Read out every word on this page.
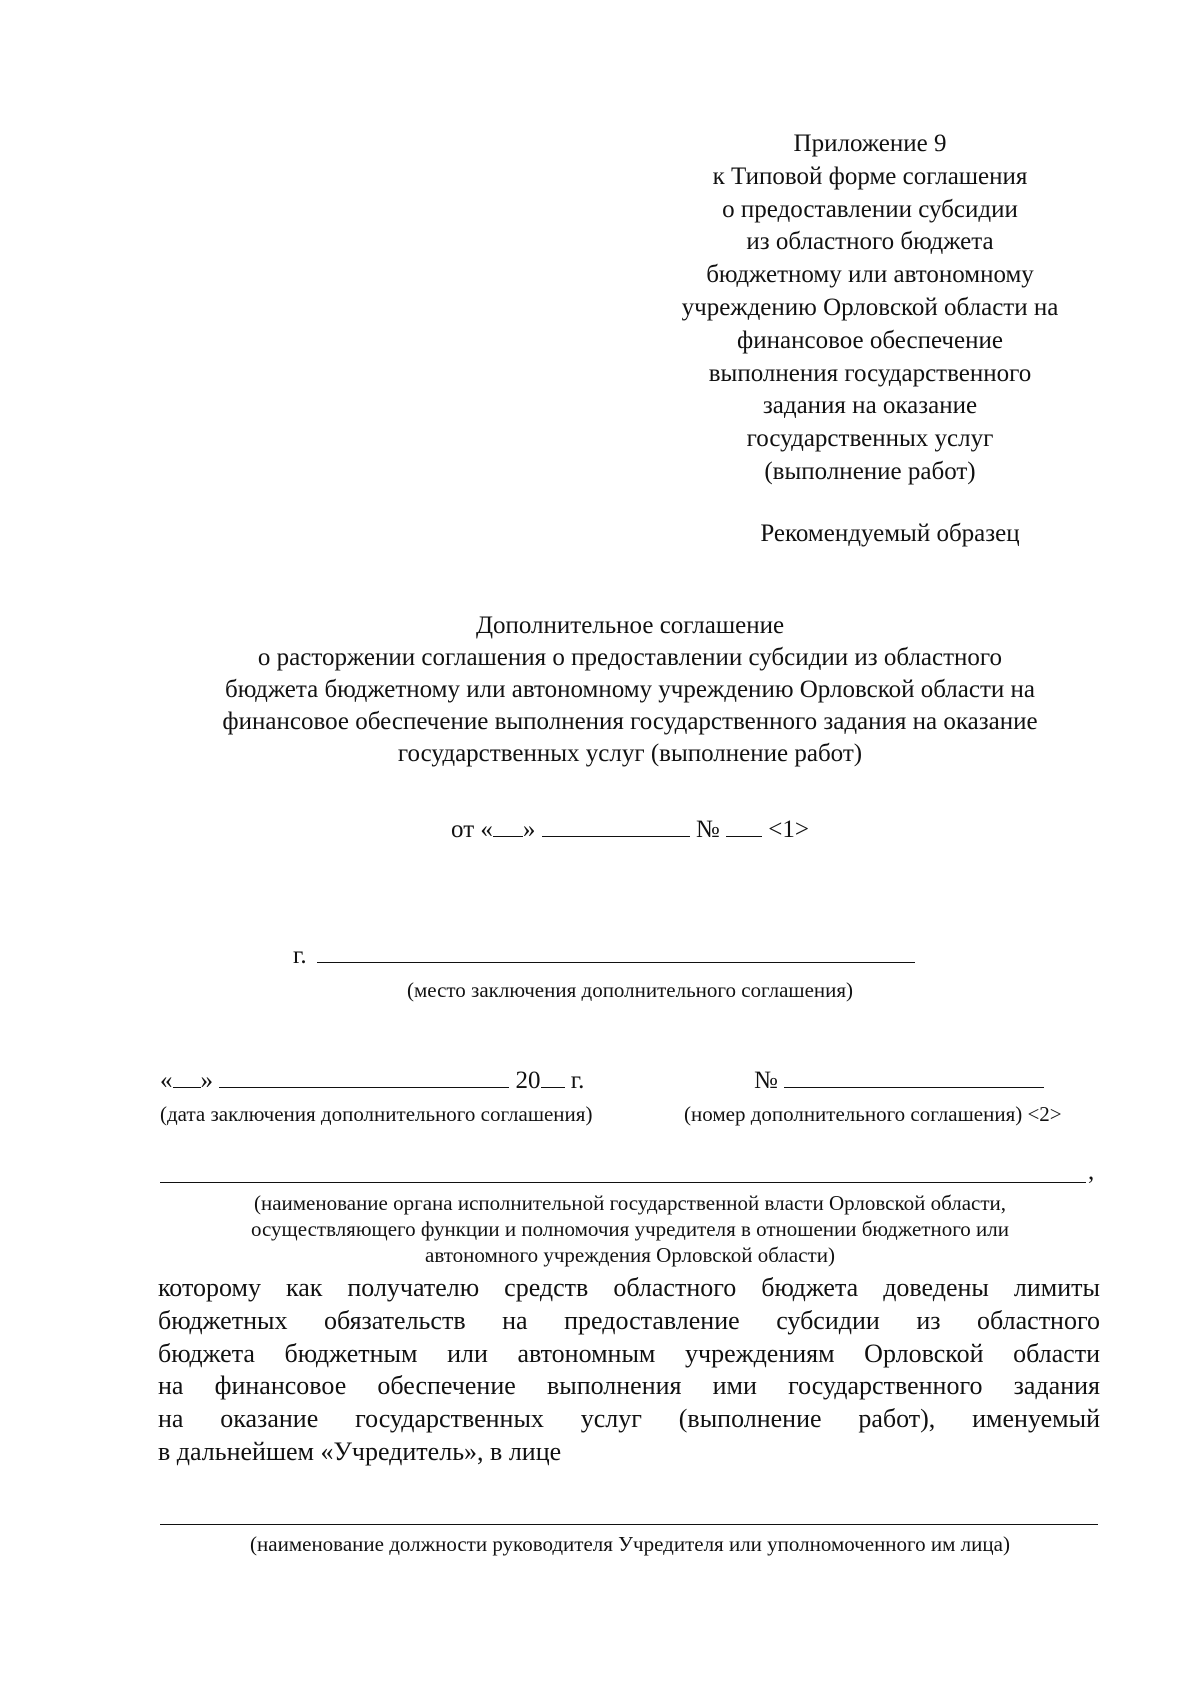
Приложение 9
к Типовой форме соглашения
о предоставлении субсидии
из областного бюджета
бюджетному или автономному
учреждению Орловской области на
финансовое обеспечение
выполнения государственного
задания на оказание
государственных услуг
(выполнение работ)
Рекомендуемый образец
Дополнительное соглашение
о расторжении соглашения о предоставлении субсидии из областного
бюджета бюджетному или автономному учреждению Орловской области на
финансовое обеспечение выполнения государственного задания на оказание
государственных услуг (выполнение работ)
от « »	№ <1>
г.
(место заключения дополнительного соглашения)
« »	20 г.	№
(дата заключения дополнительного соглашения)	(номер дополнительного соглашения) <2>
,
(наименование органа исполнительной государственной власти Орловской области,
осуществляющего функции и полномочия учредителя в отношении бюджетного или
автономного учреждения Орловской области)
которому как получателю средств областного бюджета доведены лимиты
бюджетных обязательств на предоставление субсидии из областного
бюджета бюджетным или автономным учреждениям Орловской области
на финансовое обеспечение выполнения ими государственного задания
на оказание государственных услуг (выполнение работ), именуемый
в дальнейшем «Учредитель», в лице
(наименование должности руководителя Учредителя или уполномоченного им лица)
